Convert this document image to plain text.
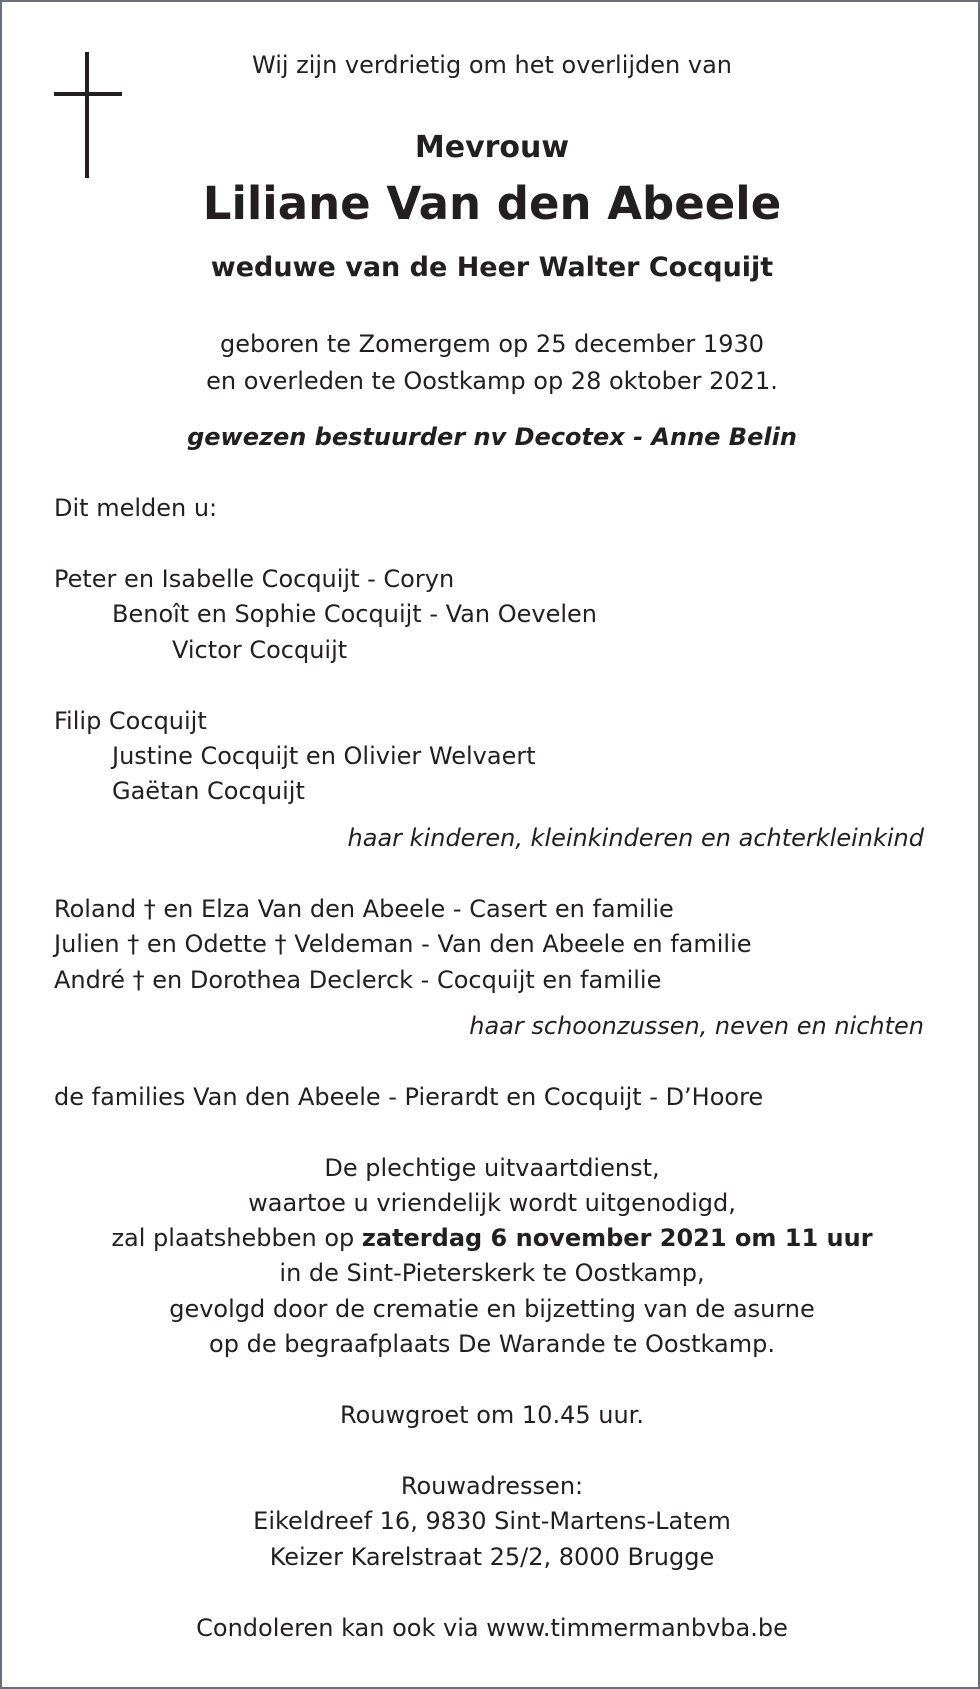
Wij zijn verdrietig om het overlijden van

Mevrouw

Liliane Van den Abeele

weduwe van de Heer Walter Cocquijt

geboren te Zomergem op 25 december 1930

en overleden te Oostkamp op 28 oktober 2021.

gewezen bestuurder nv Decotex - Anne Belin

Dit melden u:

Peter en Isabelle Cocquijt - Coryn

Benoît en Sophie Cocquijt - Van Oevelen

Victor Cocquijt

Filip Cocquijt

Justine Cocquijt en Olivier Welvaert

Gaëtan Cocquijt

haar kinderen, kleinkinderen en achterkleinkind

Roland † en Elza Van den Abeele - Casert en familie

Julien † en Odette † Veldeman - Van den Abeele en familie

André † en Dorothea Declerck - Cocquijt en familie

haar schoonzussen, neven en nichten

de families Van den Abeele - Pierardt en Cocquijt - D’Hoore

De plechtige uitvaartdienst,

waartoe u vriendelijk wordt uitgenodigd,

zal plaatshebben op zaterdag 6 november 2021 om 11 uur

in de Sint-Pieterskerk te Oostkamp,

gevolgd door de crematie en bijzetting van de asurne

op de begraafplaats De Warande te Oostkamp.

Rouwgroet om 10.45 uur.

Rouwadressen:

Eikeldreef 16, 9830 Sint-Martens-Latem

Keizer Karelstraat 25/2, 8000 Brugge

Condoleren kan ook via www.timmermanbvba.be
